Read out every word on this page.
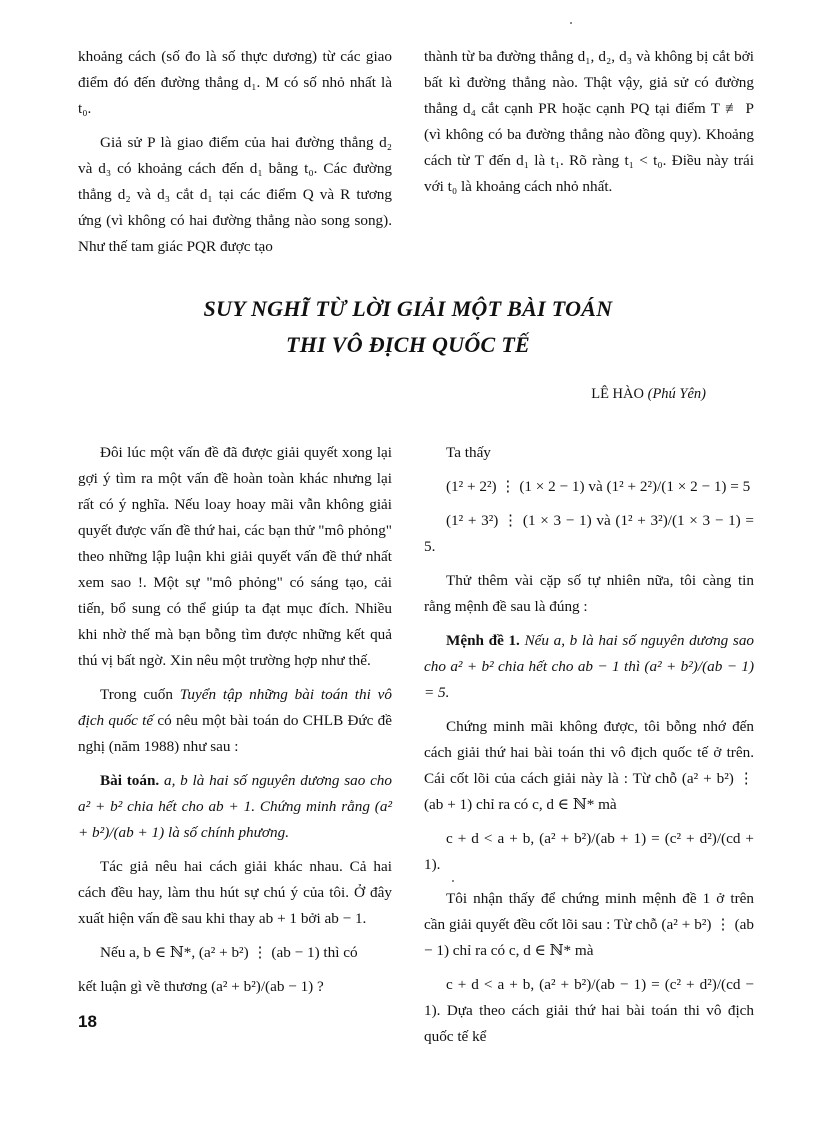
khoảng cách (số đo là số thực dương) từ các giao điểm đó đến đường thẳng d₁. M có số nhỏ nhất là t₀.

Giả sử P là giao điểm của hai đường thẳng d₂ và d₃ có khoảng cách đến d₁ bằng t₀. Các đường thẳng d₂ và d₃ cắt d₁ tại các điểm Q và R tương ứng (vì không có hai đường thẳng nào song song). Như thế tam giác PQR được tạo

thành từ ba đường thẳng d₁, d₂, d₃ và không bị cắt bởi bất kì đường thẳng nào. Thật vậy, giả sử có đường thẳng d₄ cắt cạnh PR hoặc cạnh PQ tại điểm T ≢ P (vì không có ba đường thẳng nào đồng quy). Khoảng cách từ T đến d₁ là t₁. Rõ ràng t₁ < t₀. Điều này trái với t₀ là khoảng cách nhỏ nhất.

SUY NGHĨ TỪ LỜI GIẢI MỘT BÀI TOÁN
THI VÔ ĐỊCH QUỐC TẾ
LÊ HÀO (Phú Yên)

Đôi lúc một vấn đề đã được giải quyết xong lại gợi ý tìm ra một vấn đề hoàn toàn khác nhưng lại rất có ý nghĩa. Nếu loay hoay mãi vẫn không giải quyết được vấn đề thứ hai, các bạn thử "mô phỏng" theo những lập luận khi giải quyết vấn đề thứ nhất xem sao !. Một sự "mô phỏng" có sáng tạo, cải tiến, bổ sung có thể giúp ta đạt mục đích. Nhiều khi nhờ thế mà bạn bỗng tìm được những kết quả thú vị bất ngờ. Xin nêu một trường hợp như thế.

Trong cuốn Tuyển tập những bài toán thi vô địch quốc tế có nêu một bài toán do CHLB Đức đề nghị (năm 1988) như sau :

Bài toán. a, b là hai số nguyên dương sao cho a² + b² chia hết cho ab + 1. Chứng minh rằng (a² + b²)/(ab + 1) là số chính phương.

Tác giả nêu hai cách giải khác nhau. Cả hai cách đều hay, làm thu hút sự chú ý của tôi. Ở đây xuất hiện vấn đề sau khi thay ab + 1 bởi ab − 1.

Nếu a, b ∈ ℕ*, (a² + b²) ⋮ (ab − 1) thì có

kết luận gì về thương (a² + b²)/(ab − 1) ?

Ta thấy

(1² + 2²) ⋮ (1 × 2 − 1) và (1² + 2²)/(1 × 2 − 1) = 5

(1² + 3²) ⋮ (1 × 3 − 1) và (1² + 3²)/(1 × 3 − 1) = 5.

Thử thêm vài cặp số tự nhiên nữa, tôi càng tin rằng mệnh đề sau là đúng :

Mệnh đề 1. Nếu a, b là hai số nguyên dương sao cho a² + b² chia hết cho ab − 1 thì (a² + b²)/(ab − 1) = 5.

Chứng minh mãi không được, tôi bỗng nhớ đến cách giải thứ hai bài toán thi vô địch quốc tế ở trên. Cái cốt lõi của cách giải này là : Từ chỗ (a² + b²) ⋮ (ab + 1) chỉ ra có c, d ∈ ℕ* mà

c + d < a + b, (a² + b²)/(ab + 1) = (c² + d²)/(cd + 1).

Tôi nhận thấy để chứng minh mệnh đề 1 ở trên cần giải quyết đều cốt lõi sau : Từ chỗ (a² + b²) ⋮ (ab − 1) chỉ ra có c, d ∈ ℕ* mà

c + d < a + b, (a² + b²)/(ab − 1) = (c² + d²)/(cd − 1). Dựa theo cách giải thứ hai bài toán thi vô địch quốc tế kể

18
